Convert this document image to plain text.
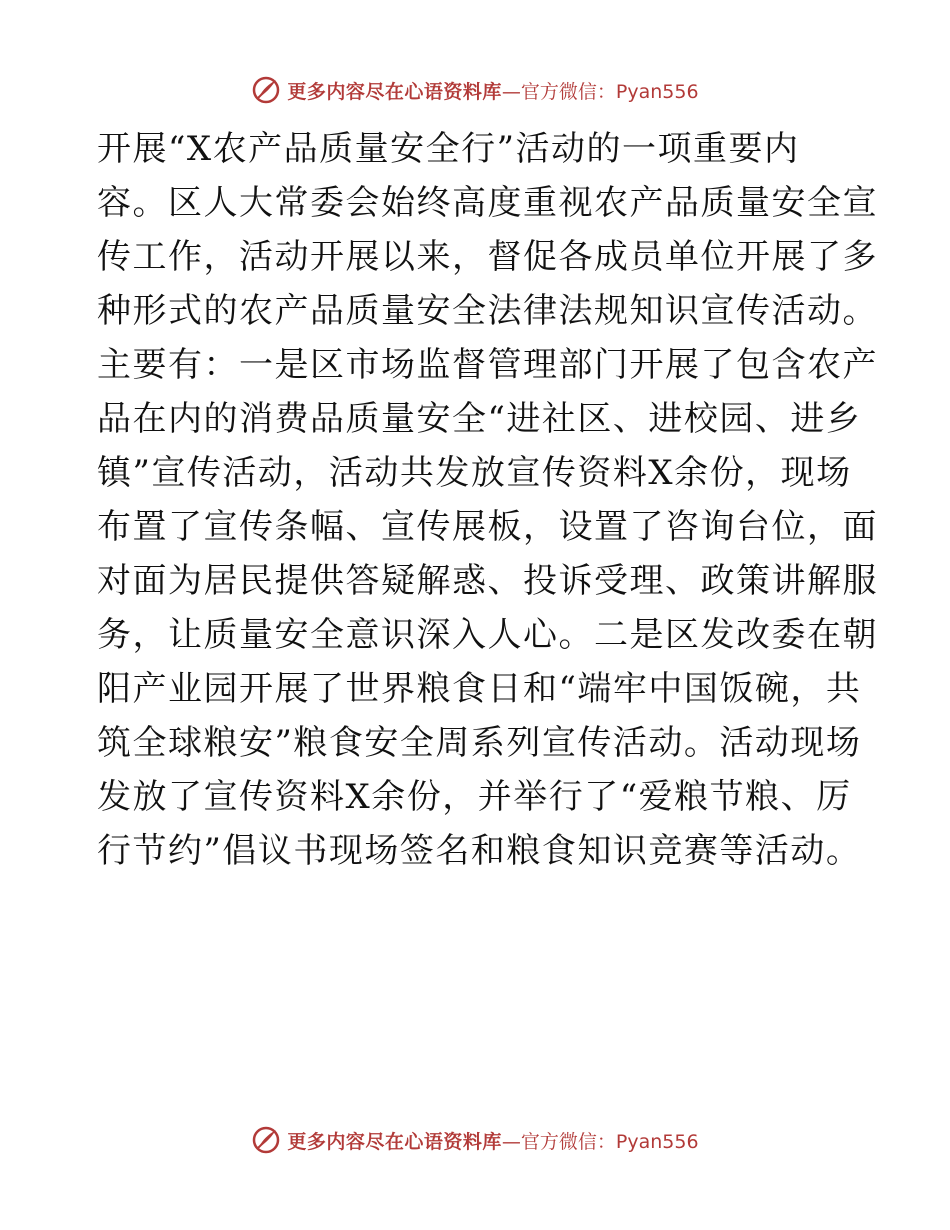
更多内容尽在心语资料库 —官方微信：Pyan556
开展“X农产品质量安全行”活动的一项重要内
容。区人大常委会始终高度重视农产品质量安全宣
传工作，活动开展以来，督促各成员单位开展了多
种形式的农产品质量安全法律法规知识宣传活动。
主要有：一是区市场监督管理部门开展了包含农产
品在内的消费品质量安全“进社区、进校园、进乡
镇”宣传活动，活动共发放宣传资料X余份，现场
布置了宣传条幅、宣传展板，设置了咨询台位，面
对面为居民提供答疑解惑、投诉受理、政策讲解服
务，让质量安全意识深入人心。二是区发改委在朝
阳产业园开展了世界粮食日和“端牢中国饭碗，共
筑全球粮安”粮食安全周系列宣传活动。活动现场
发放了宣传资料X余份，并举行了“爱粮节粮、厉
行节约”倡议书现场签名和粮食知识竞赛等活动。
更多内容尽在心语资料库 —官方微信：Pyan556
